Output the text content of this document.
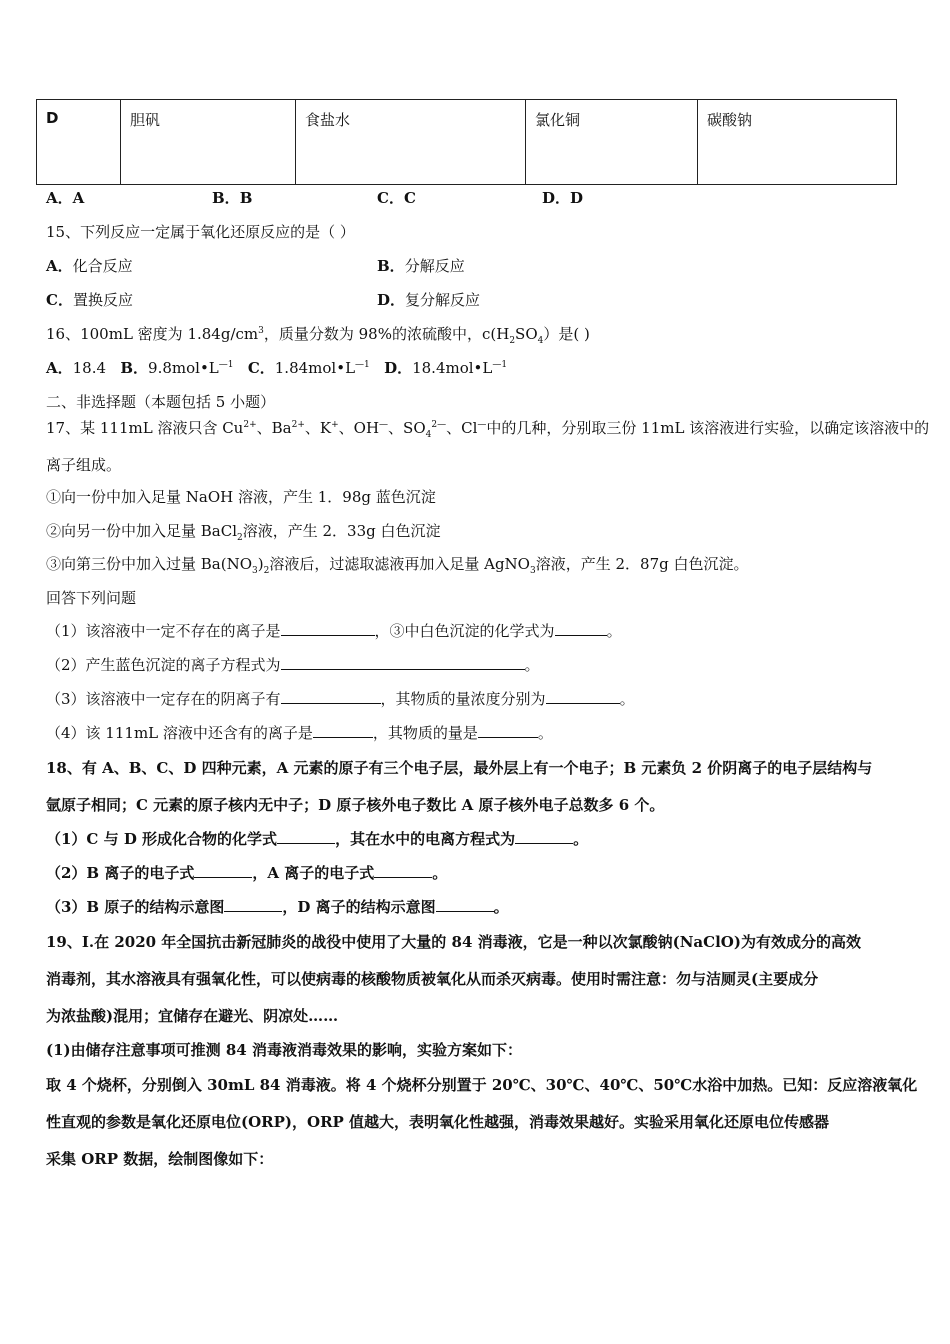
D	胆矾	食盐水	氯化铜	碳酸钠
A．A	B．B	C．C	D．D
15、下列反应一定属于氧化还原反应的是（ ）
A．化合反应	B．分解反应
C．置换反应	D．复分解反应
16、100mL 密度为 $1.84g/cm^3$，质量分数为 98%的浓硫酸中，$c(H_2SO_4)$是( )
A．18.4 B．$9.8mol•L^{—1}$ C．$1.84mol•L^{—1}$ D．$18.4mol•L^{—1}$
二、非选择题（本题包括 5 小题）
17、某 111mL 溶液只含 $Cu^{2+}$、$Ba^{2+}$、K+、OH—、$SO_4^{2—}$、Cl—中的几种，分别取三份 11mL 该溶液进行实验，以确定该溶液中的
离子组成。
①向一份中加入足量 NaOH 溶液，产生 1．98g 蓝色沉淀
②向另一份中加入足量 BaCl$_2$溶液，产生 2．33g 白色沉淀
③向第三份中加入过量 $Ba(NO_3)_2$溶液后，过滤取滤液再加入足量 AgNO$_3$溶液，产生 2．87g 白色沉淀。
回答下列问题
（1）该溶液中一定不存在的离子是	，③中白色沉淀的化学式为	。
（2）产生蓝色沉淀的离子方程式为	。
（3）该溶液中一定存在的阴离子有	，其物质的量浓度分别为	。
（4）该 111mL 溶液中还含有的离子是	，其物质的量是	。
18、有 A、B、C、D 四种元素，A 元素的原子有三个电子层，最外层上有一个电子；B 元素负 2 价阴离子的电子层结构与
氩原子相同；C 元素的原子核内无中子；D 原子核外电子数比 A 原子核外电子总数多 6 个。
（1）C 与 D 形成化合物的化学式	，其在水中的电离方程式为	。
（2）B 离子的电子式	，A 离子的电子式	。
（3）B 原子的结构示意图	，D 离子的结构示意图	。
19、I.在 2020 年全国抗击新冠肺炎的战役中使用了大量的 84 消毒液，它是一种以次氯酸钠(NaClO)为有效成分的高效
消毒剂，其水溶液具有强氧化性，可以使病毒的核酸物质被氧化从而杀灭病毒。使用时需注意：勿与洁厕灵(主要成分
为浓盐酸)混用；宜储存在避光、阴凉处……
(1)由储存注意事项可推测 84 消毒液消毒效果的影响，实验方案如下：
取 4 个烧杯，分别倒入 30mL 84 消毒液。将 4 个烧杯分别置于 20℃、30℃、40℃、50℃水浴中加热。已知：反应溶液氧化
性直观的参数是氧化还原电位(ORP)，ORP 值越大，表明氧化性越强，消毒效果越好。实验采用氧化还原电位传感器
采集 ORP 数据，绘制图像如下：
